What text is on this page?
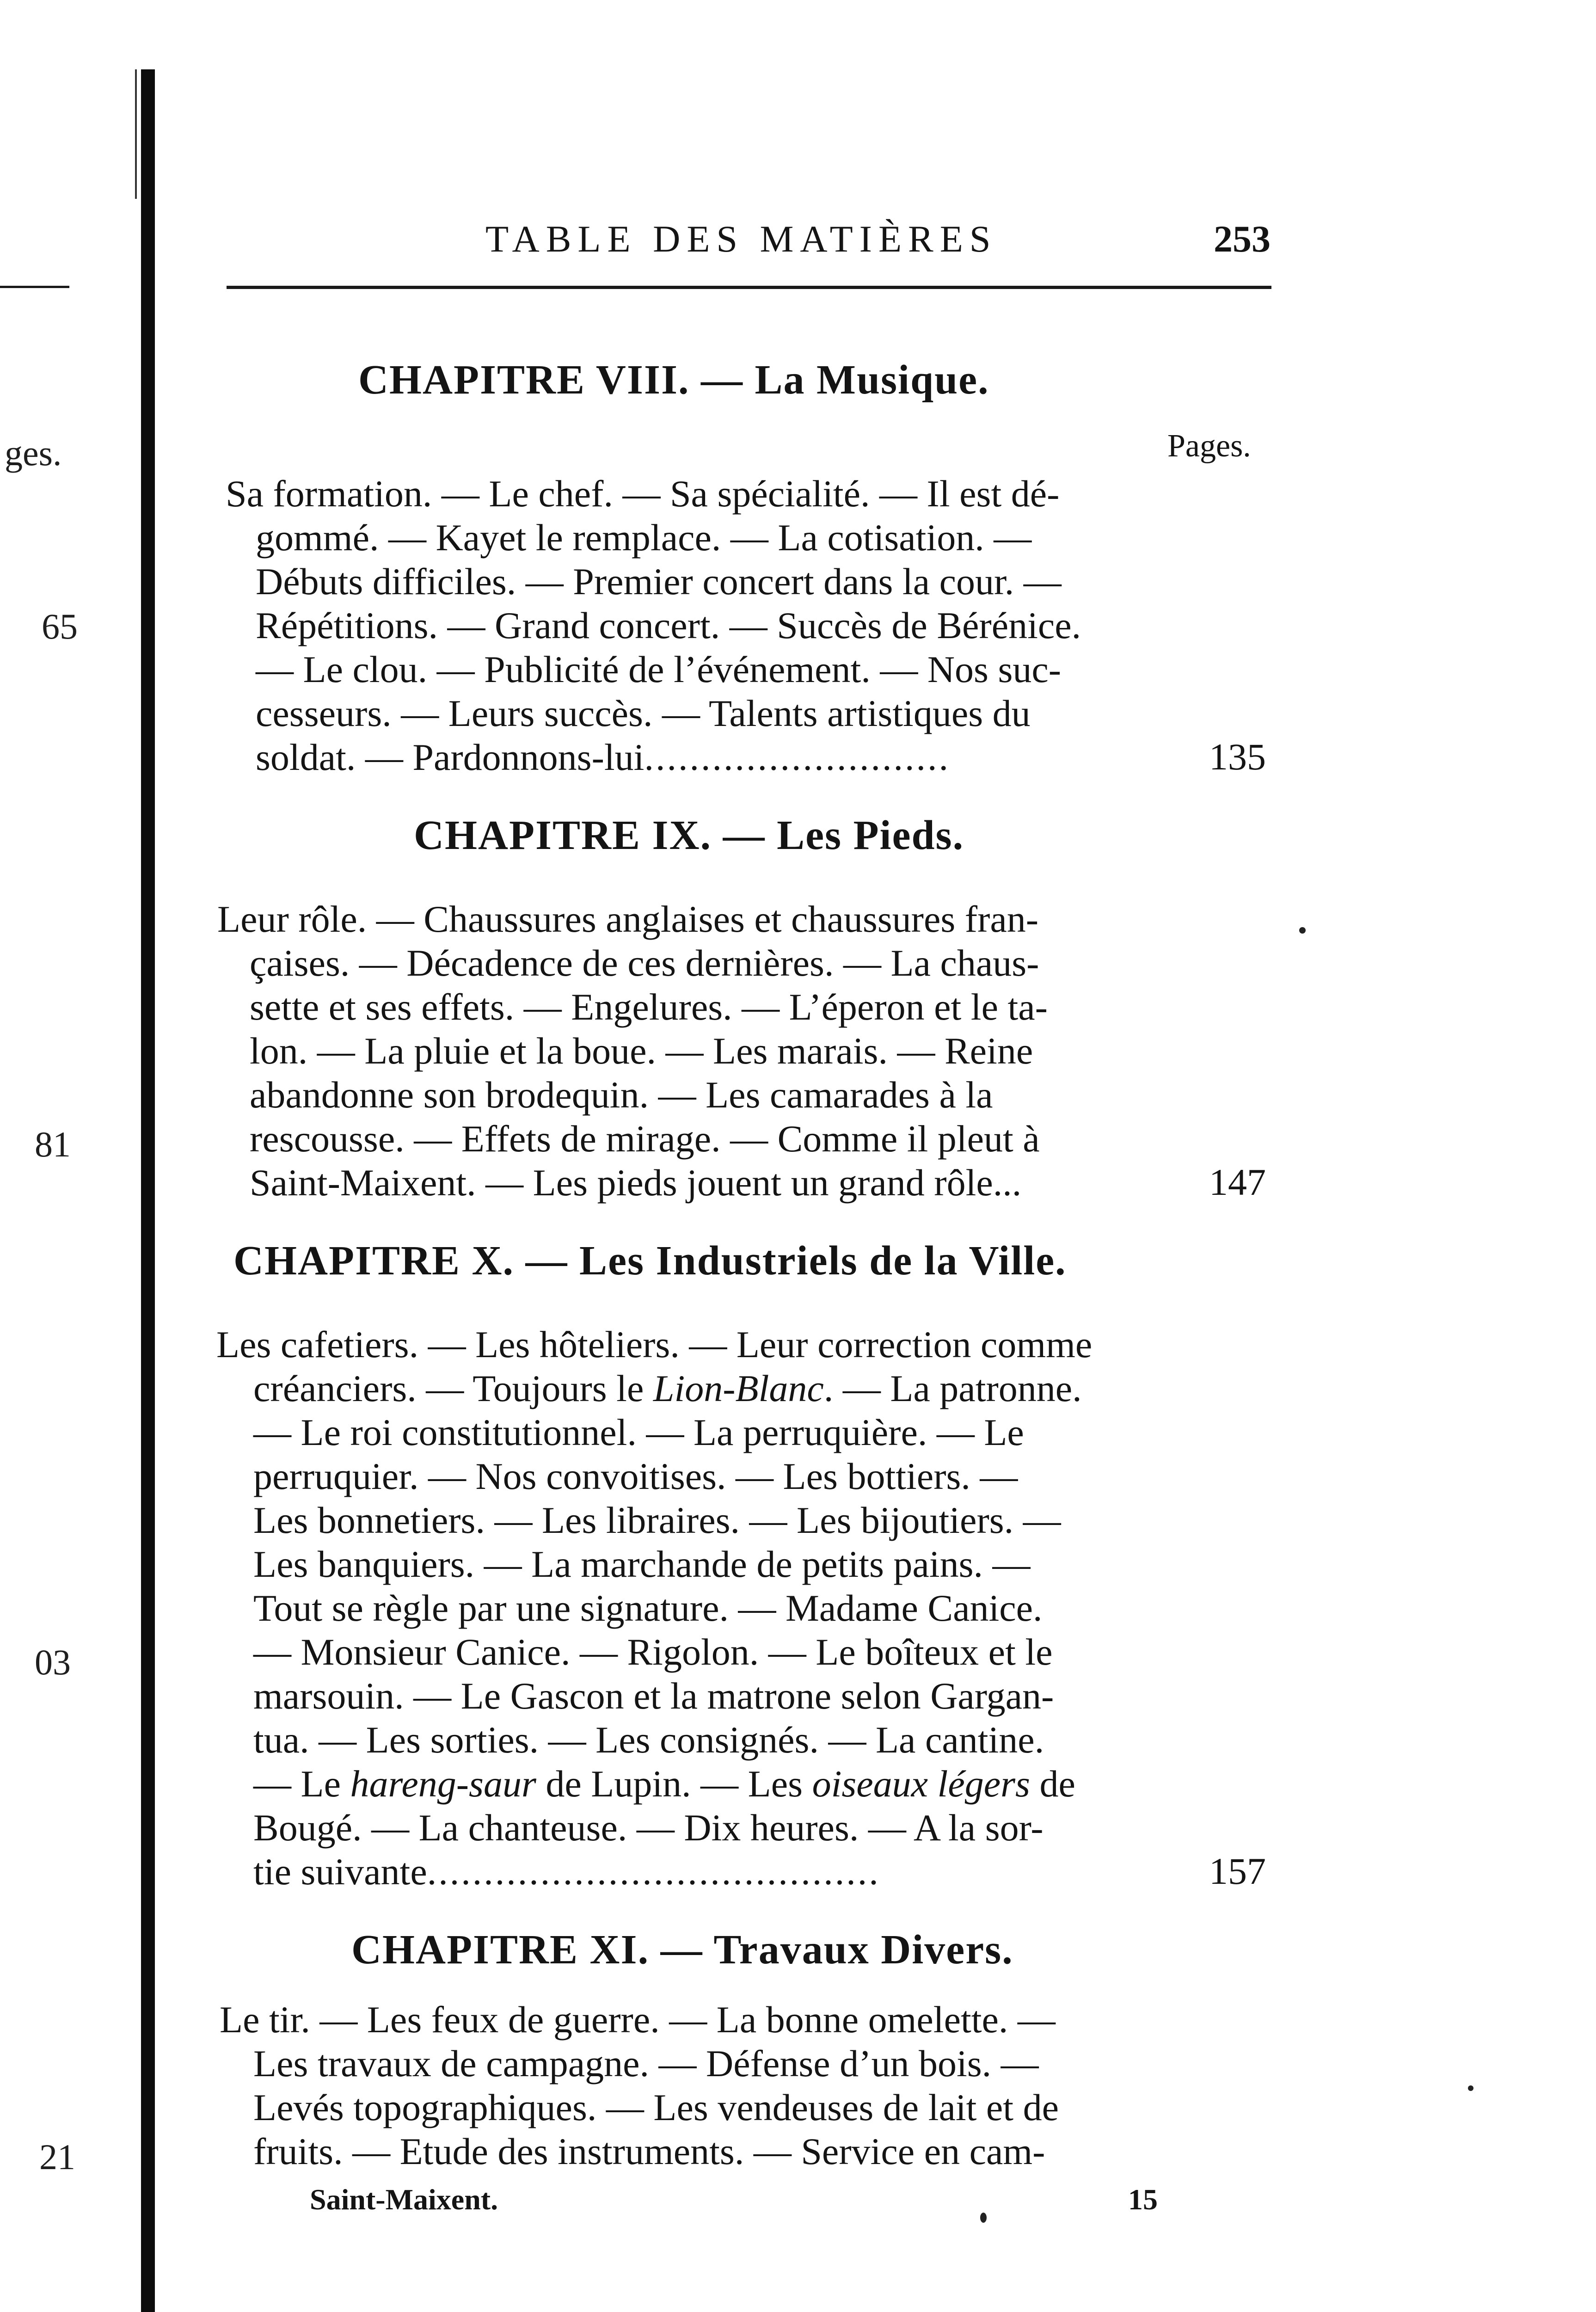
ges.
65
81
03
21
TABLE DES MATIÈRES	253
CHAPITRE VIII. — La Musique.
Pages.
Sa formation. — Le chef. — Sa spécialité. — Il est dé-
gommé. — Kayet le remplace. — La cotisation. —
Débuts difficiles. — Premier concert dans la cour. —
Répétitions. — Grand concert. — Succès de Bérénice.
— Le clou. — Publicité de l’événement. — Nos suc-
cesseurs. — Leurs succès. — Talents artistiques du
soldat. — Pardonnons-lui...........................	135
CHAPITRE IX. — Les Pieds.
Leur rôle. — Chaussures anglaises et chaussures fran-
çaises. — Décadence de ces dernières. — La chaus-
sette et ses effets. — Engelures. — L’éperon et le ta-
lon. — La pluie et la boue. — Les marais. — Reine
abandonne son brodequin. — Les camarades à la
rescousse. — Effets de mirage. — Comme il pleut à
Saint-Maixent. — Les pieds jouent un grand rôle...	147
CHAPITRE X. — Les Industriels de la Ville.
Les cafetiers. — Les hôteliers. — Leur correction comme
créanciers. — Toujours le Lion-Blanc. — La patronne.
— Le roi constitutionnel. — La perruquière. — Le
perruquier. — Nos convoitises. — Les bottiers. —
Les bonnetiers. — Les libraires. — Les bijoutiers. —
Les banquiers. — La marchande de petits pains. —
Tout se règle par une signature. — Madame Canice.
— Monsieur Canice. — Rigolon. — Le boîteux et le
marsouin. — Le Gascon et la matrone selon Gargan-
tua. — Les sorties. — Les consignés. — La cantine.
— Le hareng-saur de Lupin. — Les oiseaux légers de
Bougé. — La chanteuse. — Dix heures. — A la sor-
tie suivante........................................	157
CHAPITRE XI. — Travaux Divers.
Le tir. — Les feux de guerre. — La bonne omelette. —
Les travaux de campagne. — Défense d’un bois. —
Levés topographiques. — Les vendeuses de lait et de
fruits. — Etude des instruments. — Service en cam-
Saint-Maixent.	15
